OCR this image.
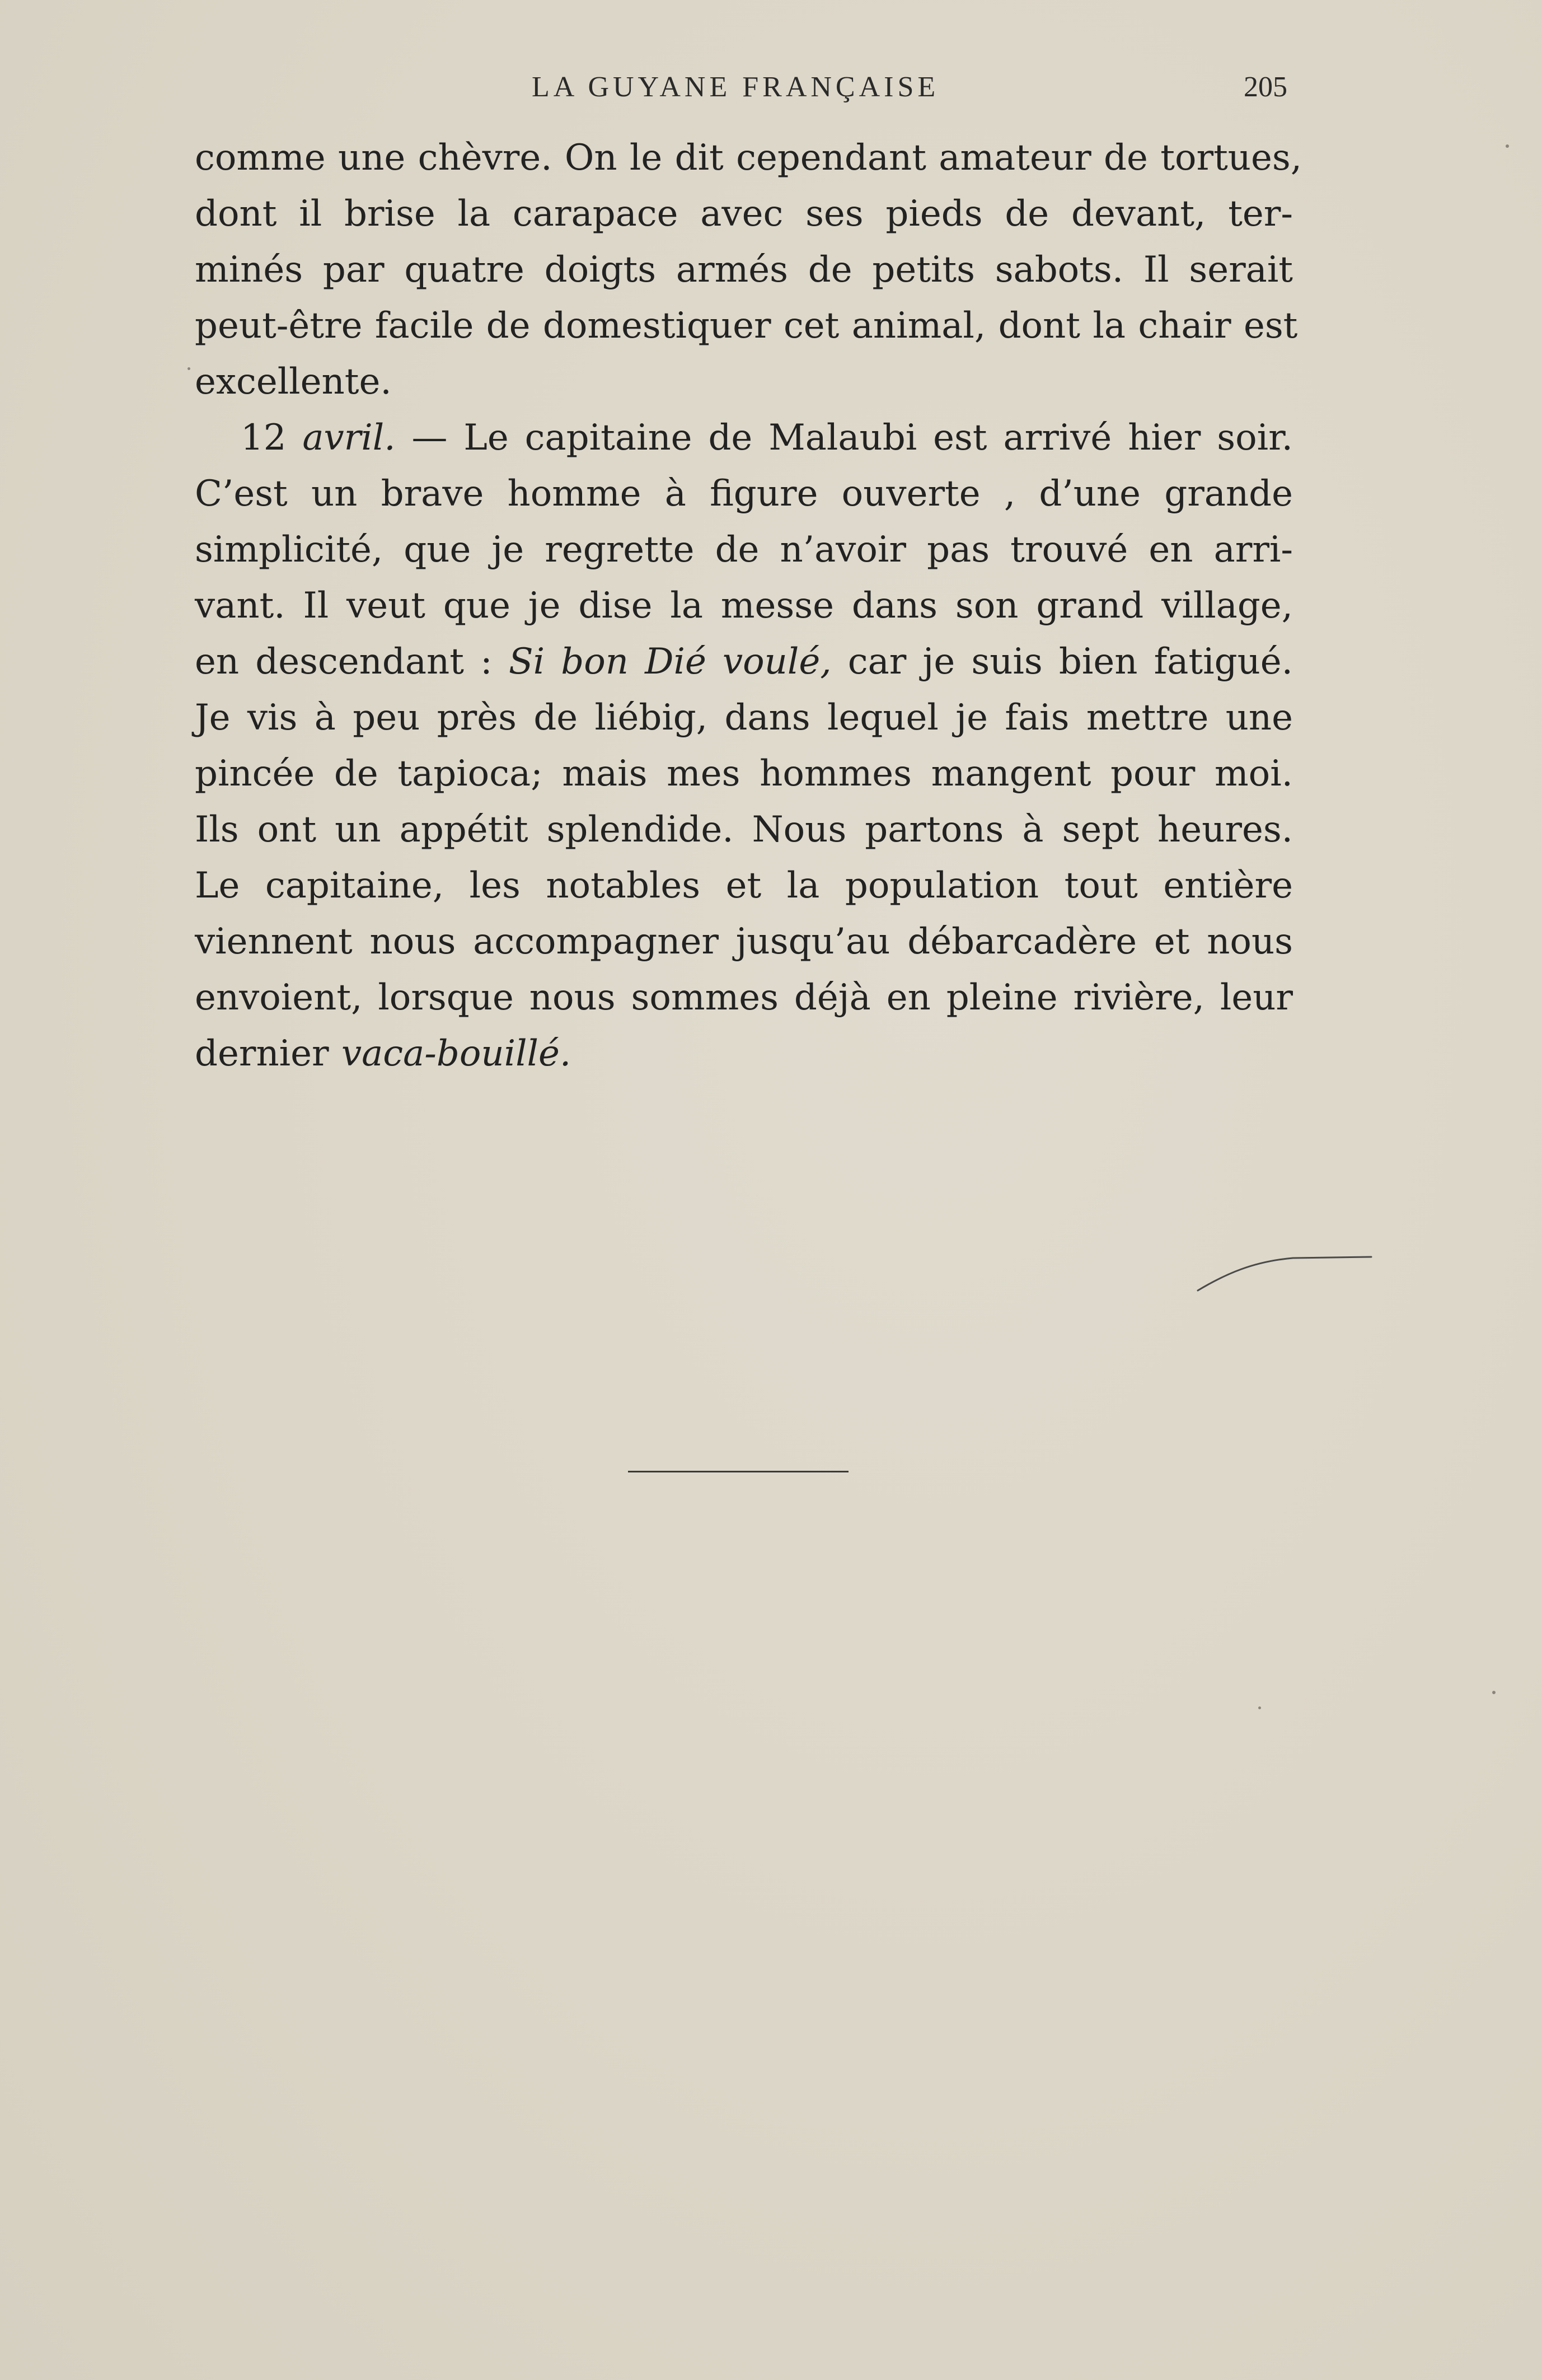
LA GUYANE FRANÇAISE	205
comme une chèvre. On le dit cependant amateur de tortues,
dont il brise la carapace avec ses pieds de devant, ter-
minés par quatre doigts armés de petits sabots. Il serait
peut-être facile de domestiquer cet animal, dont la chair est
excellente.
12 avril. — Le capitaine de Malaubi est arrivé hier soir.
C’est un brave homme à figure ouverte , d’une grande
simplicité, que je regrette de n’avoir pas trouvé en arri-
vant. Il veut que je dise la messe dans son grand village,
en descendant : Si bon Dié voulé, car je suis bien fatigué.
Je vis à peu près de liébig, dans lequel je fais mettre une
pincée de tapioca; mais mes hommes mangent pour moi.
Ils ont un appétit splendide. Nous partons à sept heures.
Le capitaine, les notables et la population tout entière
viennent nous accompagner jusqu’au débarcadère et nous
envoient, lorsque nous sommes déjà en pleine rivière, leur
dernier vaca-bouillé.
